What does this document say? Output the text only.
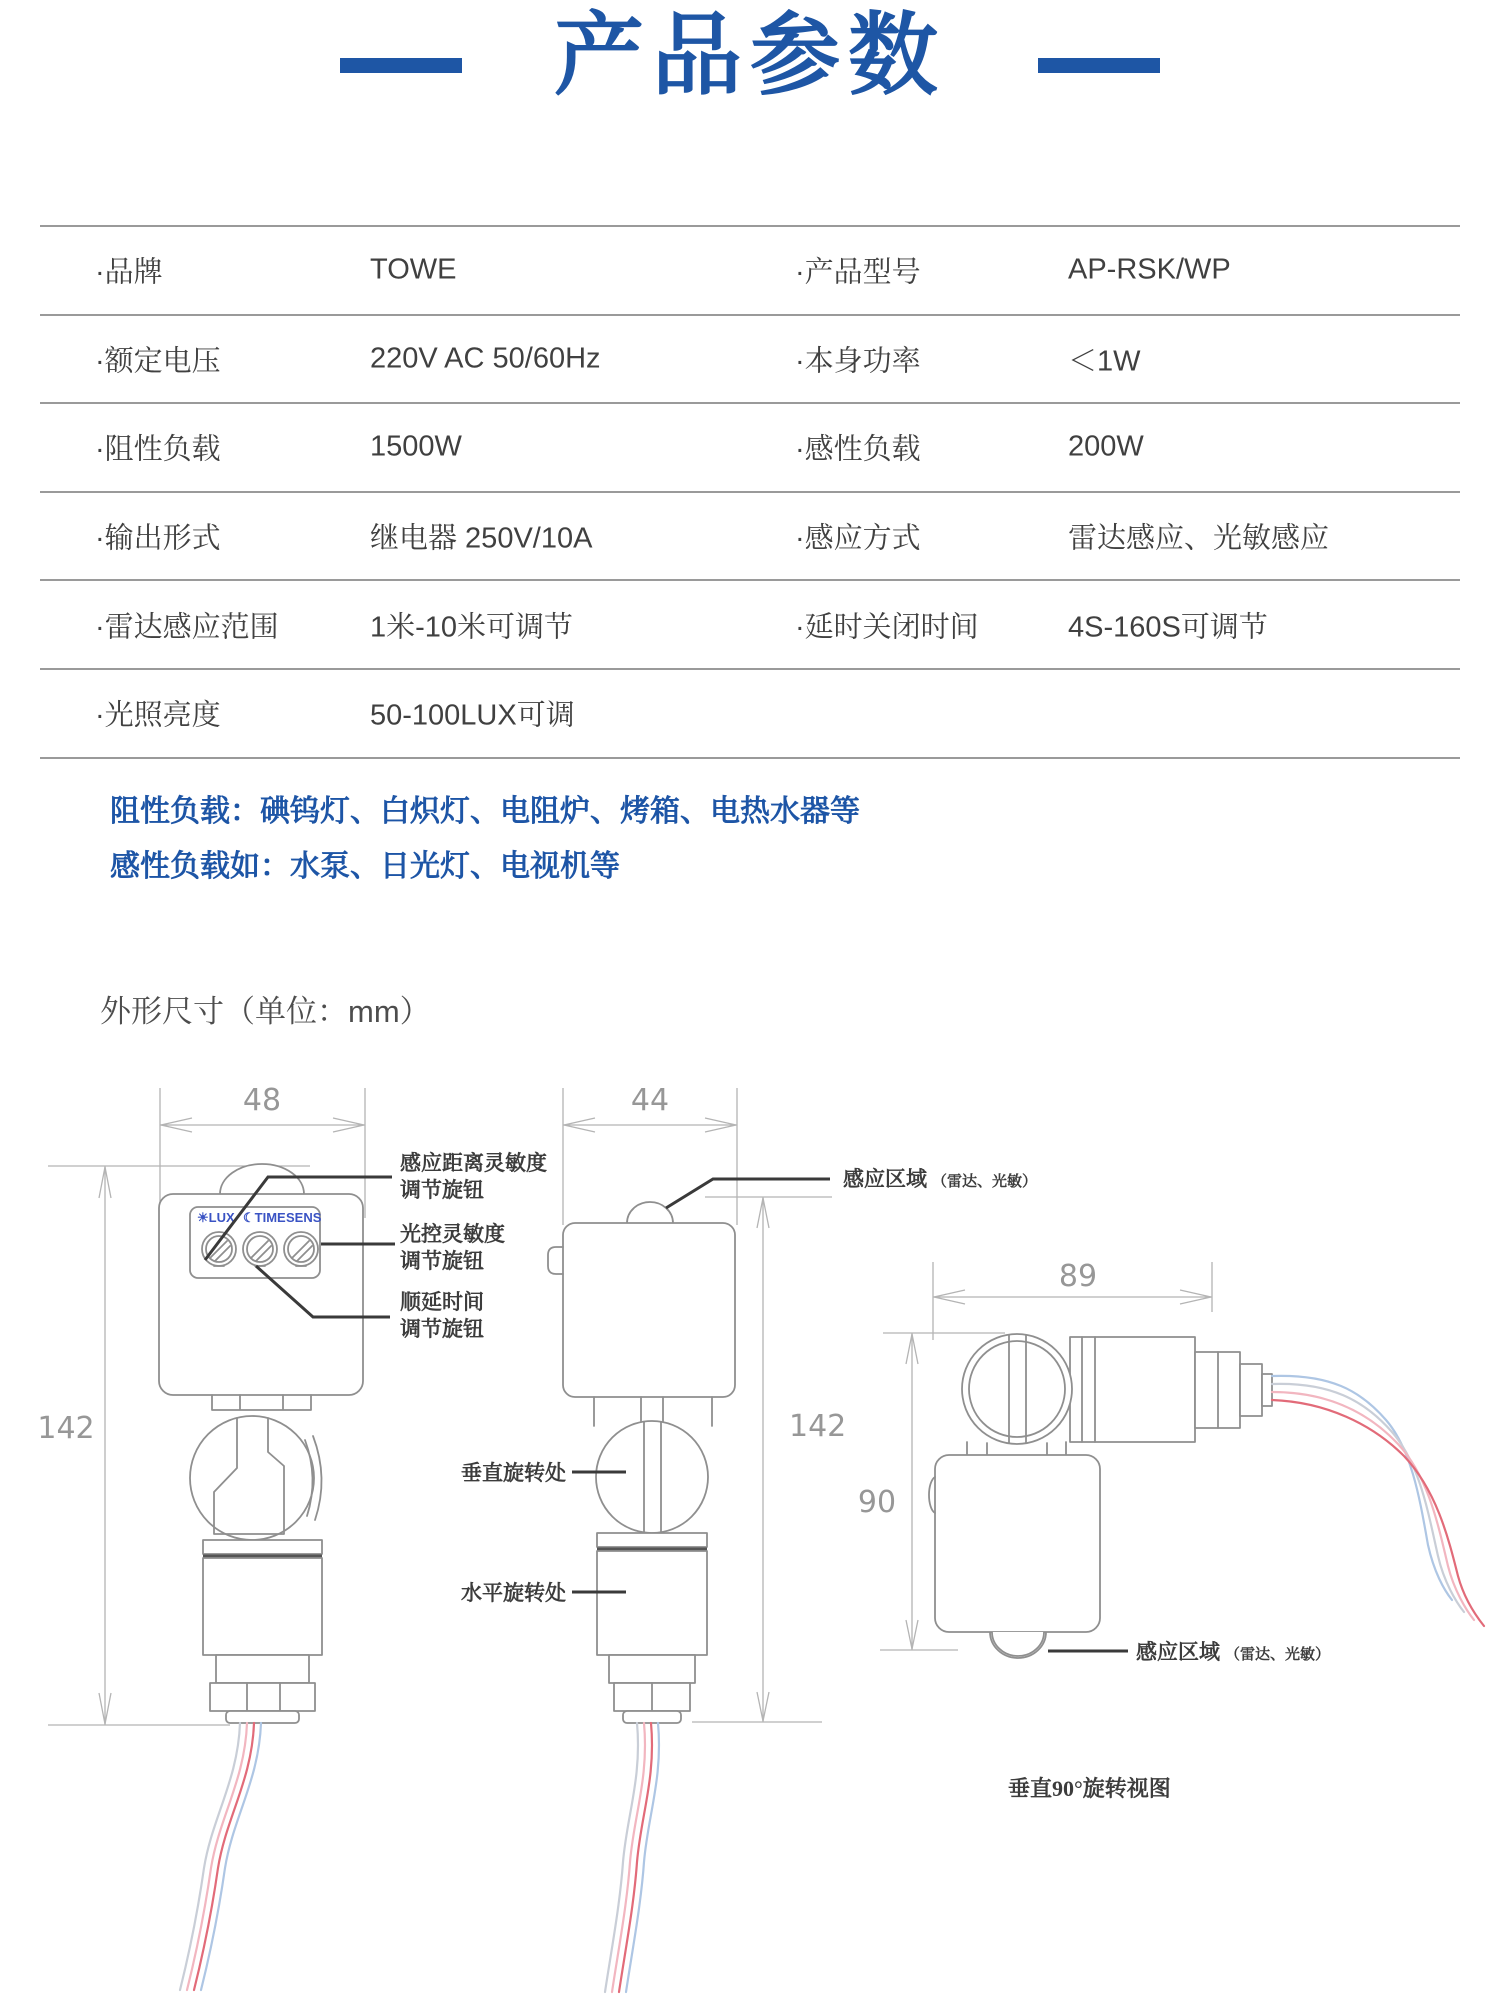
产品参数
·品牌	TOWE	·产品型号	AP-RSK/WP
·额定电压	220V AC 50/60Hz	·本身功率	＜1W
·阻性负载	1500W	·感性负载	200W
·输出形式	继电器 250V/10A	·感应方式	雷达感应、光敏感应
·雷达感应范围	1米-10米可调节	·延时关闭时间	4S-160S可调节
·光照亮度	50-100LUX可调
阻性负载：碘钨灯、白炽灯、电阻炉、烤箱、电热水器等
感性负载如：水泵、日光灯、电视机等
外形尺寸（单位：mm）
48
142
☀LUX ☾TIME SENS
感应距离灵敏度
调节旋钮
光控灵敏度
调节旋钮
顺延时间
调节旋钮
44
142
感应区域 （雷达、光敏）
垂直旋转处
水平旋转处
89
90
感应区域 （雷达、光敏）
垂直90°旋转视图
